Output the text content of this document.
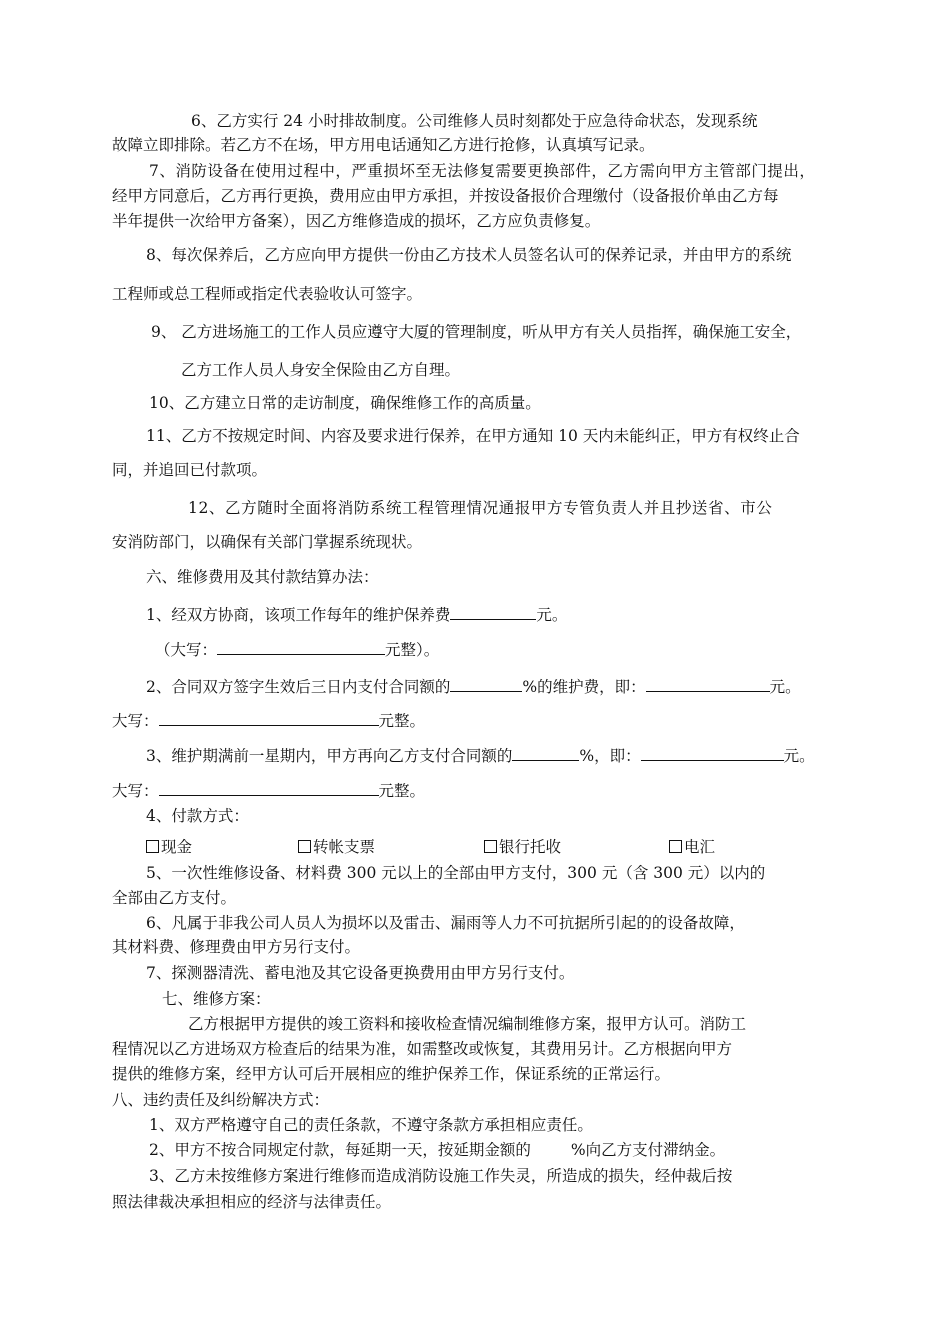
6、乙方实行 24 小时排故制度。公司维修人员时刻都处于应急待命状态，发现系统
故障立即排除。若乙方不在场，甲方用电话通知乙方进行抢修，认真填写记录。
7、消防设备在使用过程中，严重损坏至无法修复需要更换部件，乙方需向甲方主管部门提出，
经甲方同意后，乙方再行更换，费用应由甲方承担，并按设备报价合理缴付（设备报价单由乙方每
半年提供一次给甲方备案），因乙方维修造成的损坏，乙方应负责修复。
8、每次保养后，乙方应向甲方提供一份由乙方技术人员签名认可的保养记录，并由甲方的系统
工程师或总工程师或指定代表验收认可签字。
9、 乙方进场施工的工作人员应遵守大厦的管理制度，听从甲方有关人员指挥，确保施工安全，
乙方工作人员人身安全保险由乙方自理。
10、乙方建立日常的走访制度，确保维修工作的高质量。
11、乙方不按规定时间、内容及要求进行保养，在甲方通知 10 天内未能纠正，甲方有权终止合
同，并追回已付款项。
12、乙方随时全面将消防系统工程管理情况通报甲方专管负责人并且抄送省、市公
安消防部门，以确保有关部门掌握系统现状。
六、维修费用及其付款结算办法：
1、经双方协商，该项工作每年的维护保养费	元。
（大写：	元整）。
2、合同双方签字生效后三日内支付合同额的	%的维护费，即：	元。
大写：	元整。
3、维护期满前一星期内，甲方再向乙方支付合同额的	%，即：	元。
大写：	元整。
4、付款方式：
现金	转帐支票	银行托收	电汇
5、一次性维修设备、材料费 300 元以上的全部由甲方支付，300 元（含 300 元）以内的
全部由乙方支付。
6、凡属于非我公司人员人为损坏以及雷击、漏雨等人力不可抗据所引起的的设备故障，
其材料费、修理费由甲方另行支付。
7、探测器清洗、蓄电池及其它设备更换费用由甲方另行支付。
七、维修方案：
乙方根据甲方提供的竣工资料和接收检查情况编制维修方案，报甲方认可。消防工
程情况以乙方进场双方检查后的结果为准，如需整改或恢复，其费用另计。乙方根据向甲方
提供的维修方案，经甲方认可后开展相应的维护保养工作，保证系统的正常运行。
八、违约责任及纠纷解决方式：
1、双方严格遵守自己的责任条款，不遵守条款方承担相应责任。
2、甲方不按合同规定付款，每延期一天，按延期金额的	%向乙方支付滞纳金。
3、乙方未按维修方案进行维修而造成消防设施工作失灵，所造成的损失，经仲裁后按
照法律裁决承担相应的经济与法律责任。
